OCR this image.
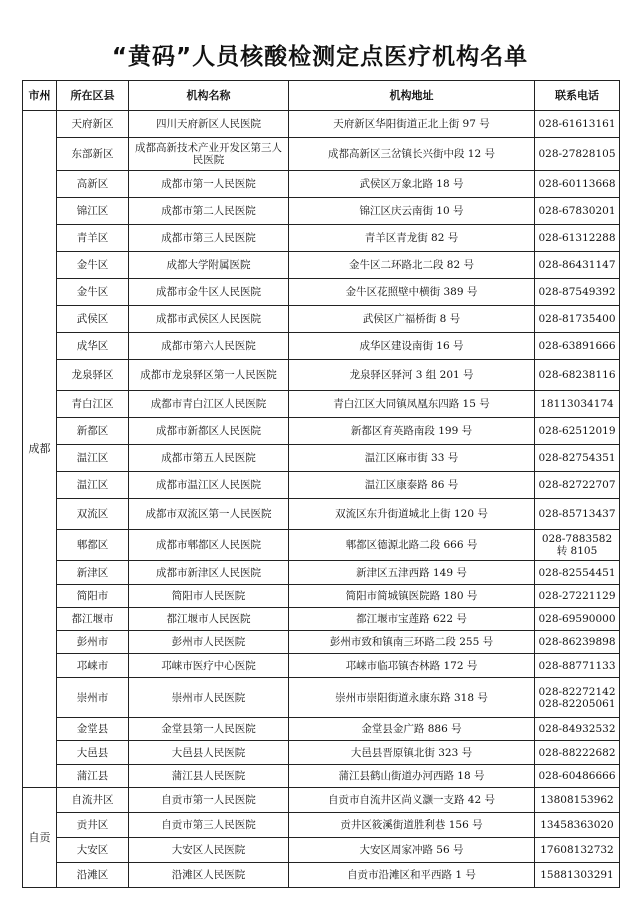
“黄码”人员核酸检测定点医疗机构名单
市州	所在区县	机构名称	机构地址	联系电话
成都	天府新区	四川天府新区人民医院	天府新区华阳街道正北上街 97 号	028-61613161
	东部新区	成都高新技术产业开发区第三人民医院	成都高新区三岔镇长兴街中段 12 号	028-27828105
	高新区	成都市第一人民医院	武侯区万象北路 18 号	028-60113668
	锦江区	成都市第二人民医院	锦江区庆云南街 10 号	028-67830201
	青羊区	成都市第三人民医院	青羊区青龙街 82 号	028-61312288
	金牛区	成都大学附属医院	金牛区二环路北二段 82 号	028-86431147
	金牛区	成都市金牛区人民医院	金牛区花照壁中横街 389 号	028-87549392
	武侯区	成都市武侯区人民医院	武侯区广福桥街 8 号	028-81735400
	成华区	成都市第六人民医院	成华区建设南街 16 号	028-63891666
	龙泉驿区	成都市龙泉驿区第一人民医院	龙泉驿区驿河 3 组 201 号	028-68238116
	青白江区	成都市青白江区人民医院	青白江区大同镇凤凰东四路 15 号	18113034174
	新都区	成都市新都区人民医院	新都区育英路南段 199 号	028-62512019
	温江区	成都市第五人民医院	温江区麻市街 33 号	028-82754351
	温江区	成都市温江区人民医院	温江区康泰路 86 号	028-82722707
	双流区	成都市双流区第一人民医院	双流区东升街道城北上街 120 号	028-85713437
	郫都区	成都市郫都区人民医院	郫都区德源北路二段 666 号	028-7883582 转 8105
	新津区	成都市新津区人民医院	新津区五津西路 149 号	028-82554451
	简阳市	简阳市人民医院	简阳市简城镇医院路 180 号	028-27221129
	都江堰市	都江堰市人民医院	都江堰市宝莲路 622 号	028-69590000
	彭州市	彭州市人民医院	彭州市致和镇南三环路二段 255 号	028-86239898
	邛崃市	邛崃市医疗中心医院	邛崃市临邛镇杏林路 172 号	028-88771133
	崇州市	崇州市人民医院	崇州市崇阳街道永康东路 318 号	028-82272142 028-82205061
	金堂县	金堂县第一人民医院	金堂县金广路 886 号	028-84932532
	大邑县	大邑县人民医院	大邑县晋原镇北街 323 号	028-88222682
	蒲江县	蒲江县人民医院	蒲江县鹤山街道办河西路 18 号	028-60486666
自贡	自流井区	自贡市第一人民医院	自贡市自流井区尚义灏一支路 42 号	13808153962
	贡井区	自贡市第三人民医院	贡井区筱溪街道胜利巷 156 号	13458363020
	大安区	大安区人民医院	大安区周家冲路 56 号	17608132732
	沿滩区	沿滩区人民医院	自贡市沿滩区和平西路 1 号	15881303291
